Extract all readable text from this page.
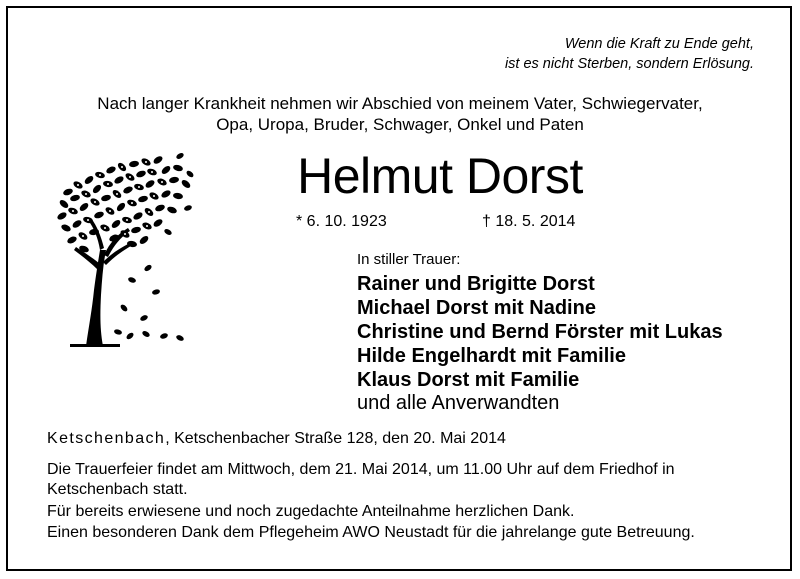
Wenn die Kraft zu Ende geht,
ist es nicht Sterben, sondern Erlösung.
Nach langer Krankheit nehmen wir Abschied von meinem Vater, Schwiegervater,
Opa, Uropa, Bruder, Schwager, Onkel und Paten
Helmut Dorst
* 6. 10. 1923	† 18. 5. 2014
In stiller Trauer:
Rainer und Brigitte Dorst
Michael Dorst mit Nadine
Christine und Bernd Förster mit Lukas
Hilde Engelhardt mit Familie
Klaus Dorst mit Familie
und alle Anverwandten
Ketschenbach, Ketschenbacher Straße 128, den 20. Mai 2014
Die Trauerfeier findet am Mittwoch, dem 21. Mai 2014, um 11.00 Uhr auf dem Friedhof in
Ketschenbach statt.
Für bereits erwiesene und noch zugedachte Anteilnahme herzlichen Dank.
Einen besonderen Dank dem Pflegeheim AWO Neustadt für die jahrelange gute Betreuung.
